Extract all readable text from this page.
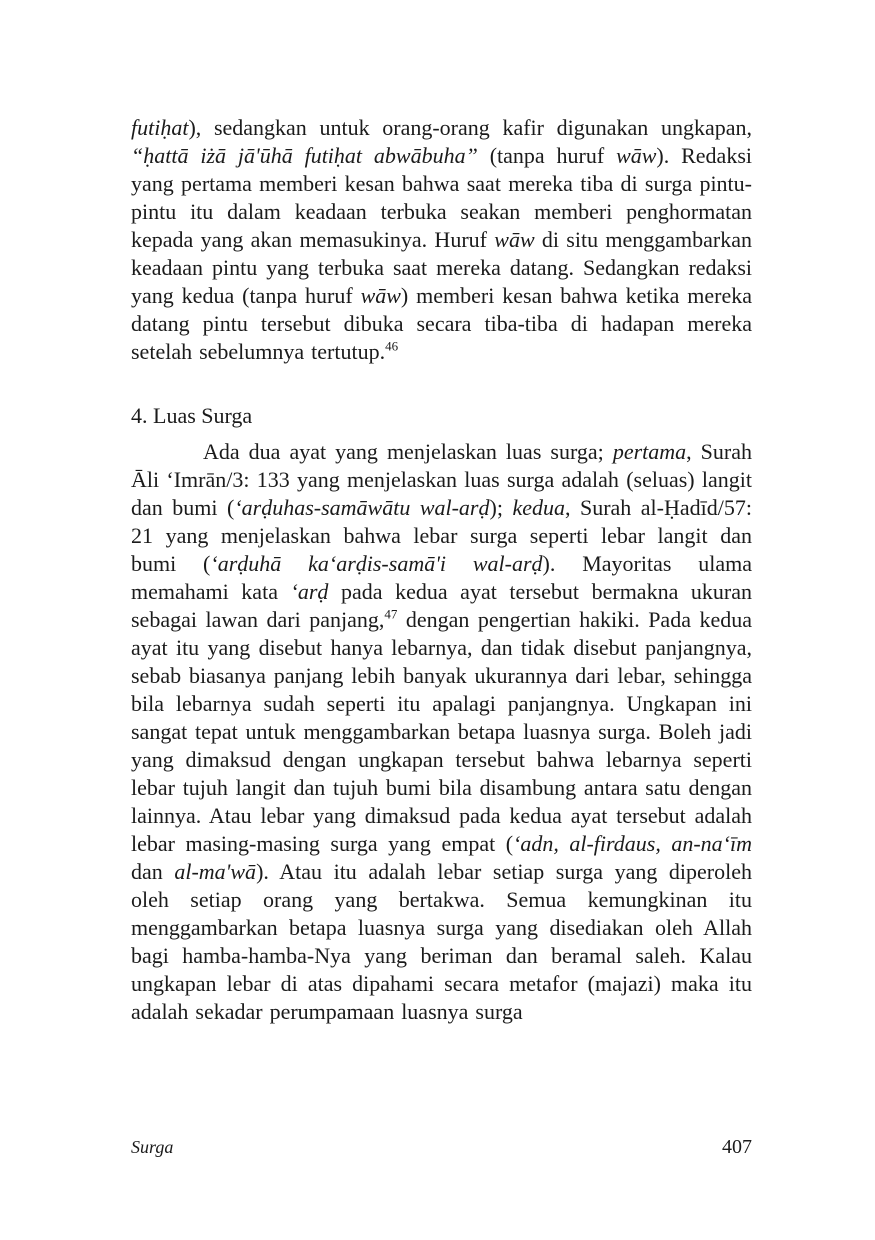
futiḥat), sedangkan untuk orang-orang kafir digunakan ungkapan, “ḥattā iżā jā'ūhā futiḥat abwābuha” (tanpa huruf wāw). Redaksi yang pertama memberi kesan bahwa saat mereka tiba di surga pintu-pintu itu dalam keadaan terbuka seakan memberi penghormatan kepada yang akan memasukinya. Huruf wāw di situ menggambarkan keadaan pintu yang terbuka saat mereka datang. Sedangkan redaksi yang kedua (tanpa huruf wāw) memberi kesan bahwa ketika mereka datang pintu tersebut dibuka secara tiba-tiba di hadapan mereka setelah sebelumnya tertutup.$^{46}$

4. Luas Surga

Ada dua ayat yang menjelaskan luas surga; pertama, Surah Āli ‘Imrān/3: 133 yang menjelaskan luas surga adalah (seluas) langit dan bumi (‘arḍuhas-samāwātu wal-arḍ); kedua, Surah al-Ḥadīd/57: 21 yang menjelaskan bahwa lebar surga seperti lebar langit dan bumi (‘arḍuhā ka‘arḍis-samā'i wal-arḍ). Mayoritas ulama memahami kata ‘arḍ pada kedua ayat tersebut bermakna ukuran sebagai lawan dari panjang,$^{47}$ dengan pengertian hakiki. Pada kedua ayat itu yang disebut hanya lebarnya, dan tidak disebut panjangnya, sebab biasanya panjang lebih banyak ukurannya dari lebar, sehingga bila lebarnya sudah seperti itu apalagi panjangnya. Ungkapan ini sangat tepat untuk menggambarkan betapa luasnya surga. Boleh jadi yang dimaksud dengan ungkapan tersebut bahwa lebarnya seperti lebar tujuh langit dan tujuh bumi bila disambung antara satu dengan lainnya. Atau lebar yang dimaksud pada kedua ayat tersebut adalah lebar masing-masing surga yang empat (‘adn, al-firdaus, an-na‘īm dan al-ma'wā). Atau itu adalah lebar setiap surga yang diperoleh oleh setiap orang yang bertakwa. Semua kemungkinan itu menggambarkan betapa luasnya surga yang disediakan oleh Allah bagi hamba-hamba-Nya yang beriman dan beramal saleh. Kalau ungkapan lebar di atas dipahami secara metafor (majazi) maka itu adalah sekadar perumpamaan luasnya surga

Surga	407
